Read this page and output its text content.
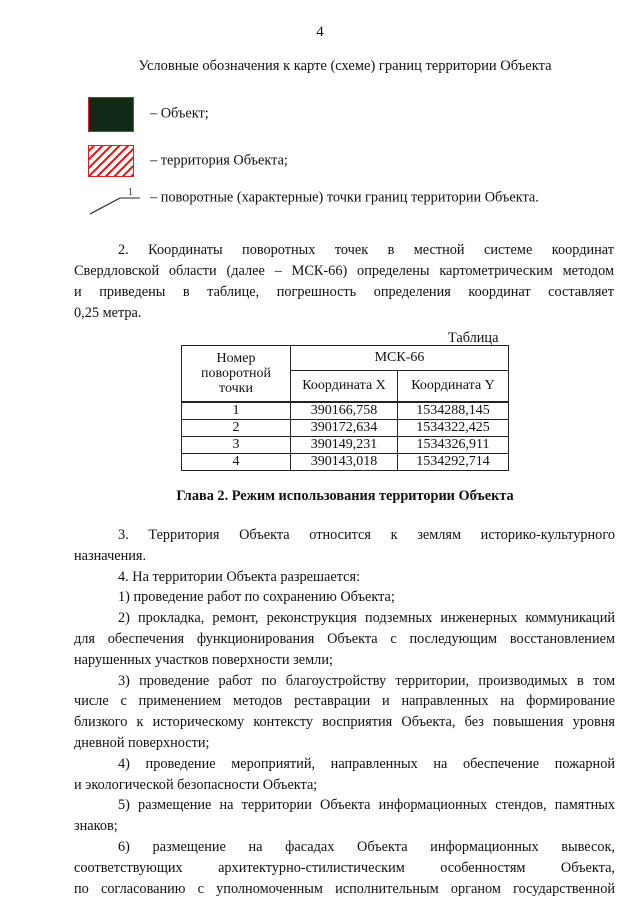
4
Условные обозначения к карте (схеме) границ территории Объекта
– Объект;
– территория Объекта;
1 – поворотные (характерные) точки границ территории Объекта.
2. Координаты поворотных точек в местной системе координат
Свердловской области (далее – МСК-66) определены картометрическим методом
и приведены в таблице, погрешность определения координат составляет
0,25 метра.
Таблица
Номер поворотной точки	МСК-66	
	Координата X	Координата Y
1	390166,758	1534288,145
2	390172,634	1534322,425
3	390149,231	1534326,911
4	390143,018	1534292,714
Глава 2. Режим использования территории Объекта
3. Территория Объекта относится к землям историко-культурного
назначения.
4. На территории Объекта разрешается:
1) проведение работ по сохранению Объекта;
2) прокладка, ремонт, реконструкция подземных инженерных коммуникаций
для обеспечения функционирования Объекта с последующим восстановлением
нарушенных участков поверхности земли;
3) проведение работ по благоустройству территории, производимых в том
числе с применением методов реставрации и направленных на формирование
близкого к историческому контексту восприятия Объекта, без повышения уровня
дневной поверхности;
4) проведение мероприятий, направленных на обеспечение пожарной
и экологической безопасности Объекта;
5) размещение на территории Объекта информационных стендов, памятных
знаков;
6) размещение на фасадах Объекта информационных вывесок,
соответствующих архитектурно-стилистическим особенностям Объекта,
по согласованию с уполномоченным исполнительным органом государственной
